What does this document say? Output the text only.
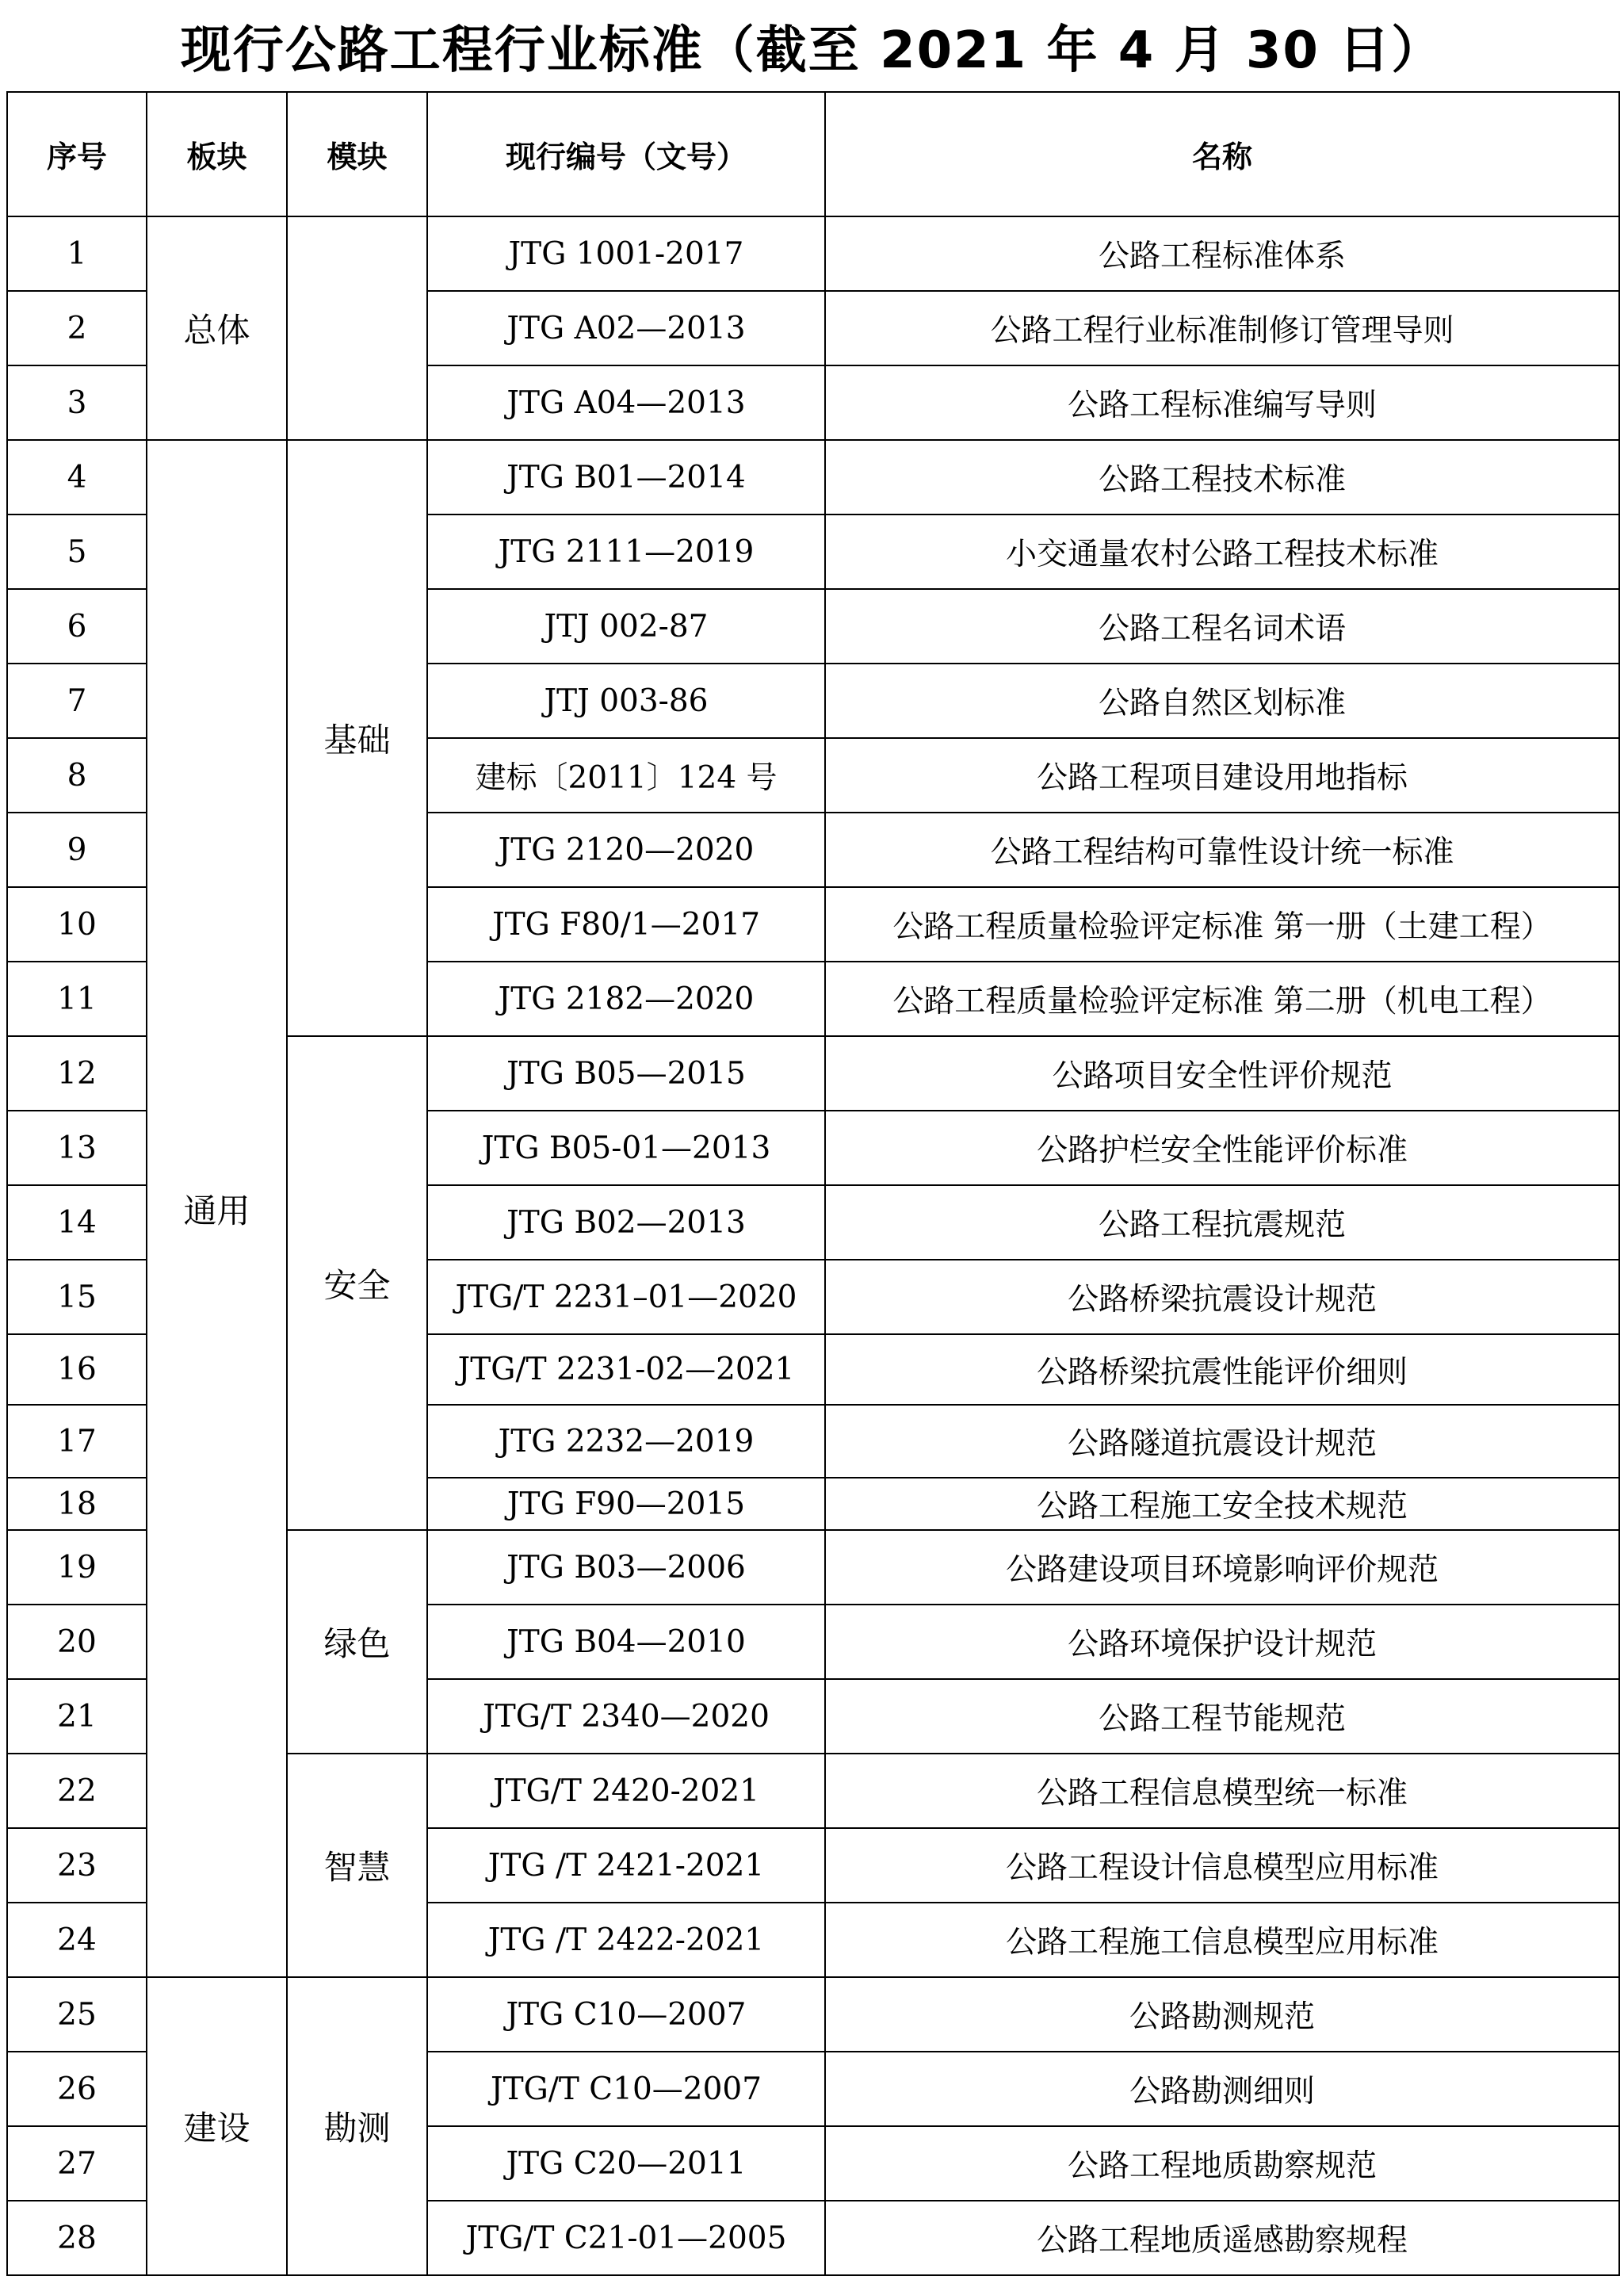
现行公路工程行业标准（截至 2021 年 4 月 30 日）
序号	板块	模块	现行编号（文号）	名称
1	总体		JTG 1001-2017	公路工程标准体系
2			JTG A02—2013	公路工程行业标准制修订管理导则
3			JTG A04—2013	公路工程标准编写导则
4	通用	基础	JTG B01—2014	公路工程技术标准
5			JTG 2111—2019	小交通量农村公路工程技术标准
6			JTJ 002-87	公路工程名词术语
7			JTJ 003-86	公路自然区划标准
8			建标〔2011〕124 号	公路工程项目建设用地指标
9			JTG 2120—2020	公路工程结构可靠性设计统一标准
10			JTG F80/1—2017	公路工程质量检验评定标准 第一册（土建工程）
11			JTG 2182—2020	公路工程质量检验评定标准 第二册（机电工程）
12		安全	JTG B05—2015	公路项目安全性评价规范
13			JTG B05-01—2013	公路护栏安全性能评价标准
14			JTG B02—2013	公路工程抗震规范
15			JTG/T 2231–01—2020	公路桥梁抗震设计规范
16			JTG/T 2231-02—2021	公路桥梁抗震性能评价细则
17			JTG 2232—2019	公路隧道抗震设计规范
18			JTG F90—2015	公路工程施工安全技术规范
19		绿色	JTG B03—2006	公路建设项目环境影响评价规范
20			JTG B04—2010	公路环境保护设计规范
21			JTG/T 2340—2020	公路工程节能规范
22		智慧	JTG/T 2420-2021	公路工程信息模型统一标准
23			JTG /T 2421-2021	公路工程设计信息模型应用标准
24			JTG /T 2422-2021	公路工程施工信息模型应用标准
25	建设	勘测	JTG C10—2007	公路勘测规范
26			JTG/T C10—2007	公路勘测细则
27			JTG C20—2011	公路工程地质勘察规范
28			JTG/T C21-01—2005	公路工程地质遥感勘察规程
